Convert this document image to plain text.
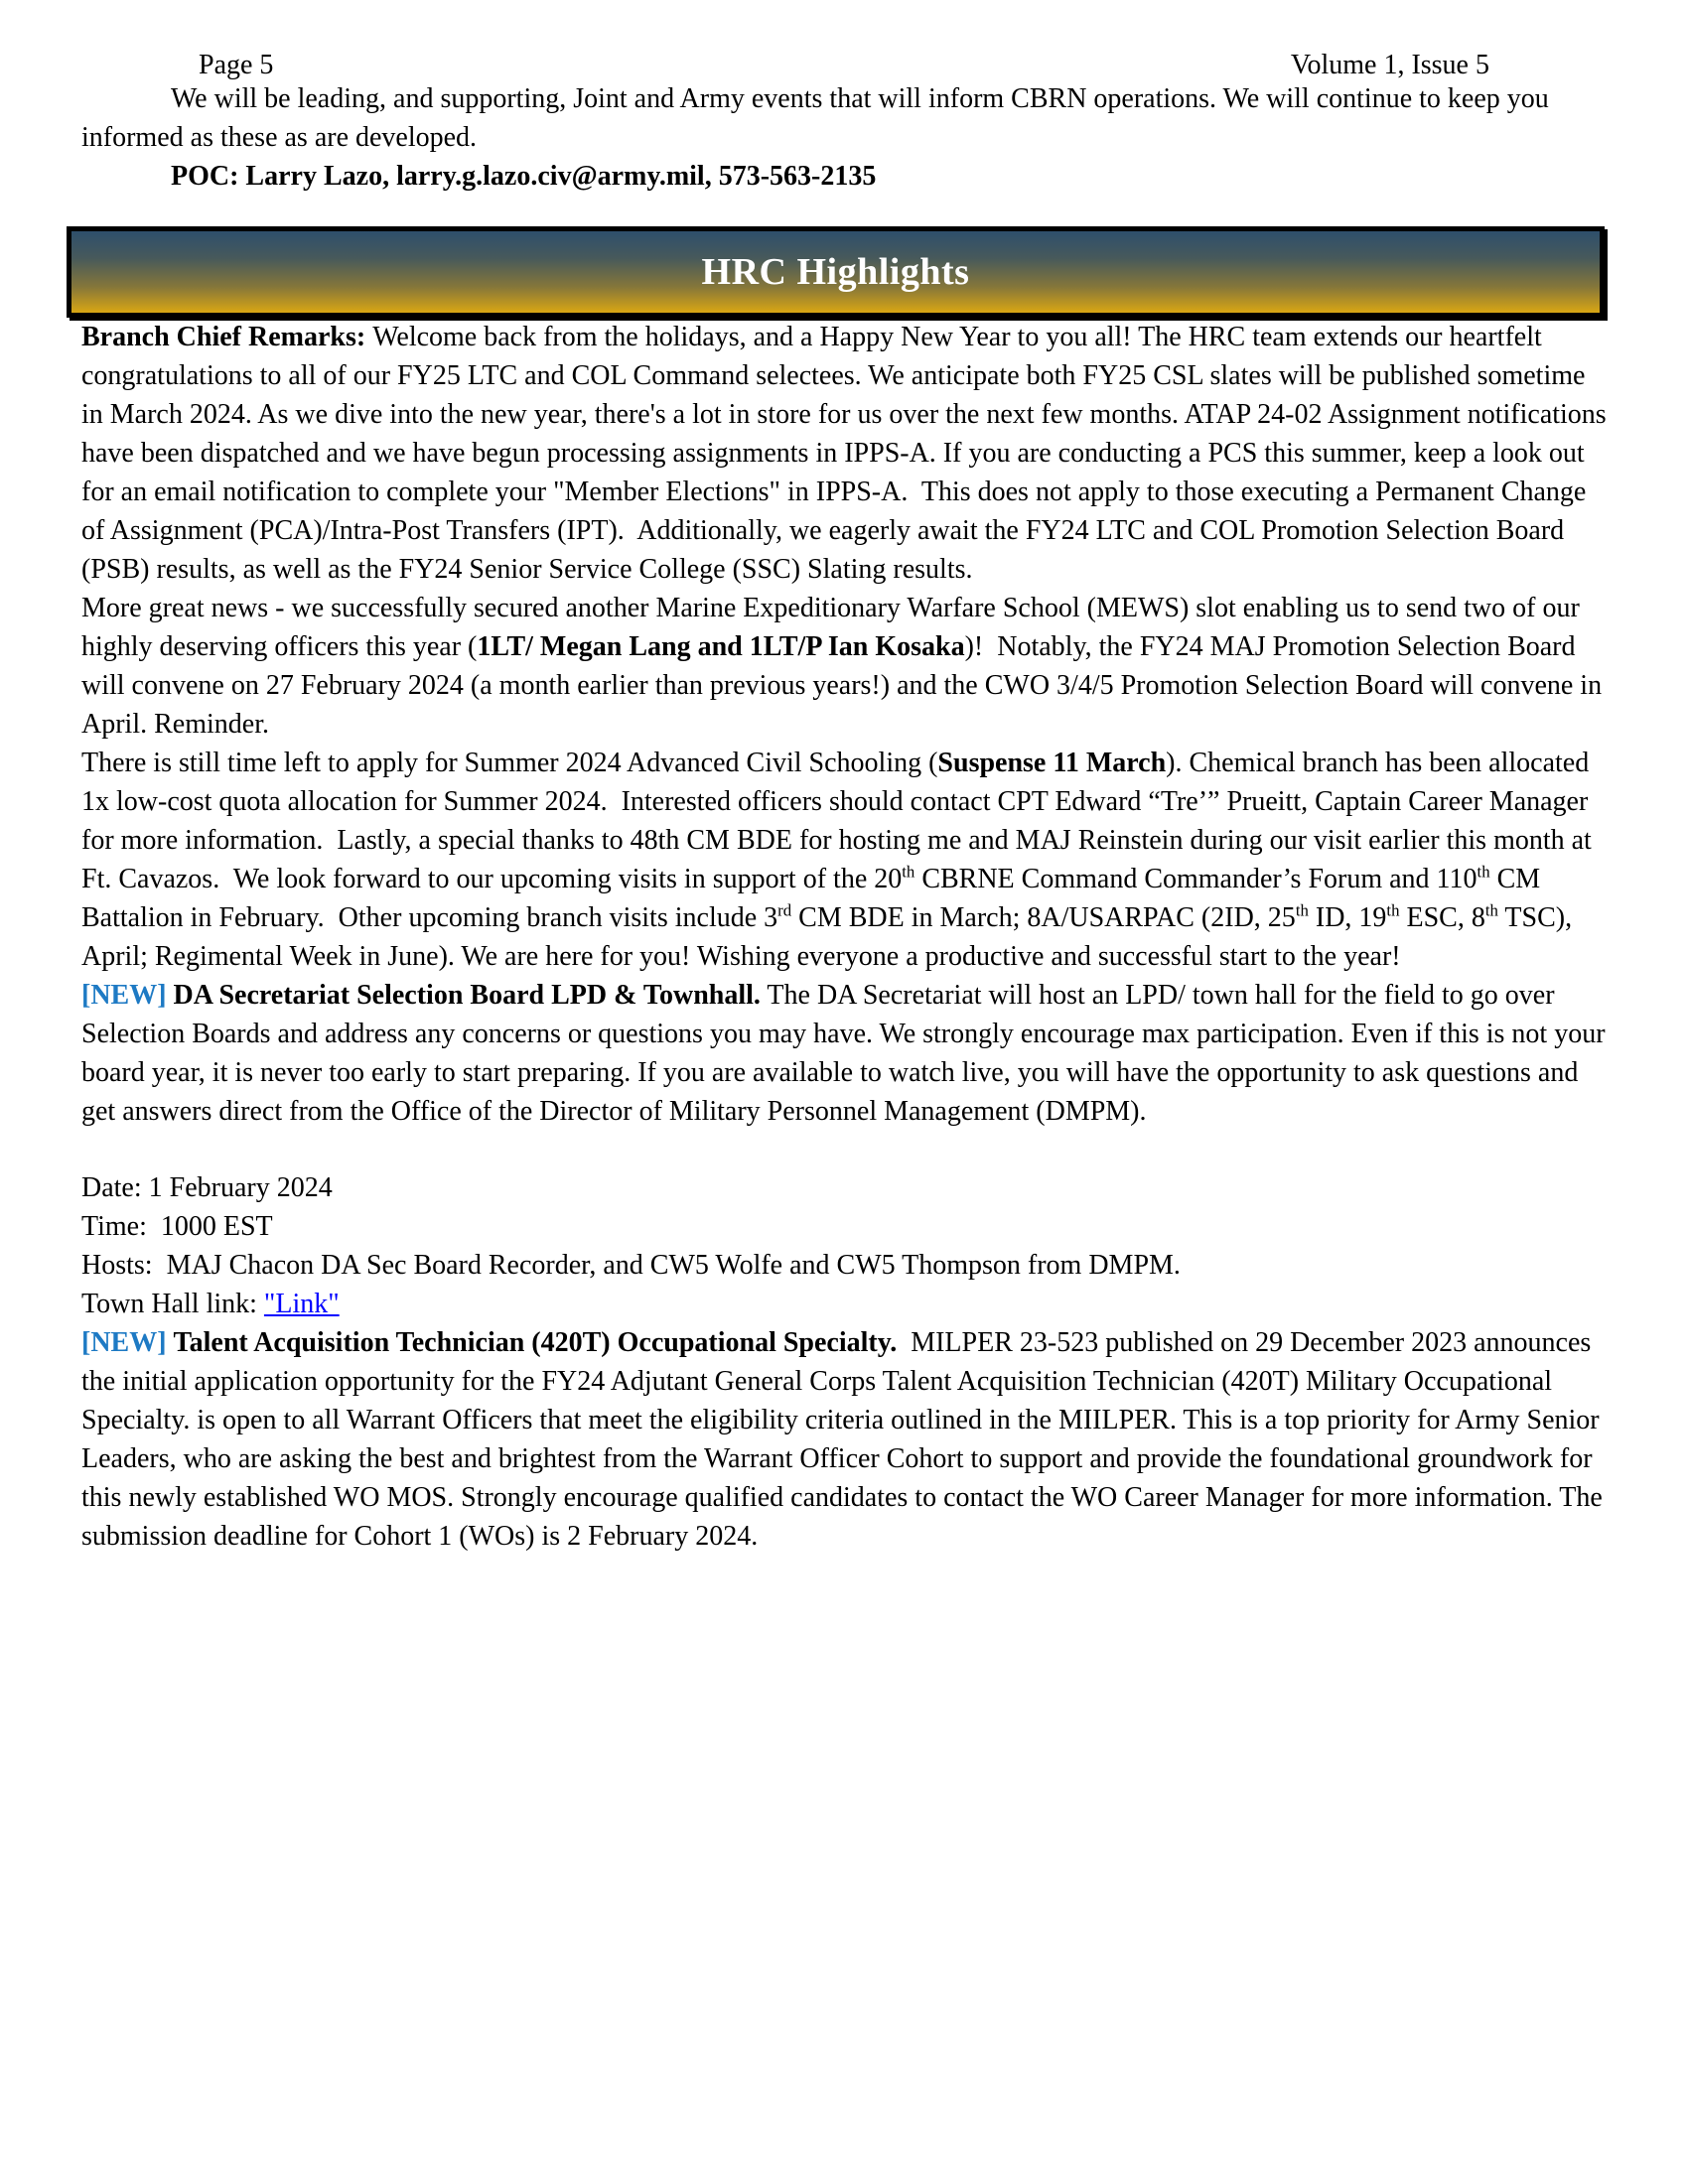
Page 5	Volume 1, Issue 5

We will be leading, and supporting, Joint and Army events that will inform CBRN operations. We will continue to keep you informed as these as are developed.

POC: Larry Lazo, larry.g.lazo.civ@army.mil, 573-563-2135

HRC Highlights

Branch Chief Remarks: Welcome back from the holidays, and a Happy New Year to you all! The HRC team extends our heartfelt congratulations to all of our FY25 LTC and COL Command selectees. We anticipate both FY25 CSL slates will be published sometime in March 2024. As we dive into the new year, there's a lot in store for us over the next few months. ATAP 24-02 Assignment notifications have been dispatched and we have begun processing assignments in IPPS-A. If you are conducting a PCS this summer, keep a look out for an email notification to complete your "Member Elections" in IPPS-A.  This does not apply to those executing a Permanent Change of Assignment (PCA)/Intra-Post Transfers (IPT).  Additionally, we eagerly await the FY24 LTC and COL Promotion Selection Board (PSB) results, as well as the FY24 Senior Service College (SSC) Slating results.

More great news - we successfully secured another Marine Expeditionary Warfare School (MEWS) slot enabling us to send two of our highly deserving officers this year (1LT/ Megan Lang and 1LT/P Ian Kosaka)!  Notably, the FY24 MAJ Promotion Selection Board will convene on 27 February 2024 (a month earlier than previous years!) and the CWO 3/4/5 Promotion Selection Board will convene in April. Reminder.

There is still time left to apply for Summer 2024 Advanced Civil Schooling (Suspense 11 March). Chemical branch has been allocated 1x low-cost quota allocation for Summer 2024.  Interested officers should contact CPT Edward “Tre’” Prueitt, Captain Career Manager for more information.  Lastly, a special thanks to 48th CM BDE for hosting me and MAJ Reinstein during our visit earlier this month at Ft. Cavazos.  We look forward to our upcoming visits in support of the 20th CBRNE Command Commander’s Forum and 110th CM Battalion in February.  Other upcoming branch visits include 3rd CM BDE in March; 8A/USARPAC (2ID, 25th ID, 19th ESC, 8th TSC), April; Regimental Week in June). We are here for you! Wishing everyone a productive and successful start to the year!

[NEW] DA Secretariat Selection Board LPD & Townhall. The DA Secretariat will host an LPD/ town hall for the field to go over Selection Boards and address any concerns or questions you may have. We strongly encourage max participation. Even if this is not your board year, it is never too early to start preparing. If you are available to watch live, you will have the opportunity to ask questions and get answers direct from the Office of the Director of Military Personnel Management (DMPM).

Date: 1 February 2024

Time:  1000 EST

Hosts:  MAJ Chacon DA Sec Board Recorder, and CW5 Wolfe and CW5 Thompson from DMPM.

Town Hall link: "Link"

[NEW] Talent Acquisition Technician (420T) Occupational Specialty.  MILPER 23-523 published on 29 December 2023 announces the initial application opportunity for the FY24 Adjutant General Corps Talent Acquisition Technician (420T) Military Occupational Specialty. is open to all Warrant Officers that meet the eligibility criteria outlined in the MIILPER. This is a top priority for Army Senior Leaders, who are asking the best and brightest from the Warrant Officer Cohort to support and provide the foundational groundwork for this newly established WO MOS. Strongly encourage qualified candidates to contact the WO Career Manager for more information. The submission deadline for Cohort 1 (WOs) is 2 February 2024.
